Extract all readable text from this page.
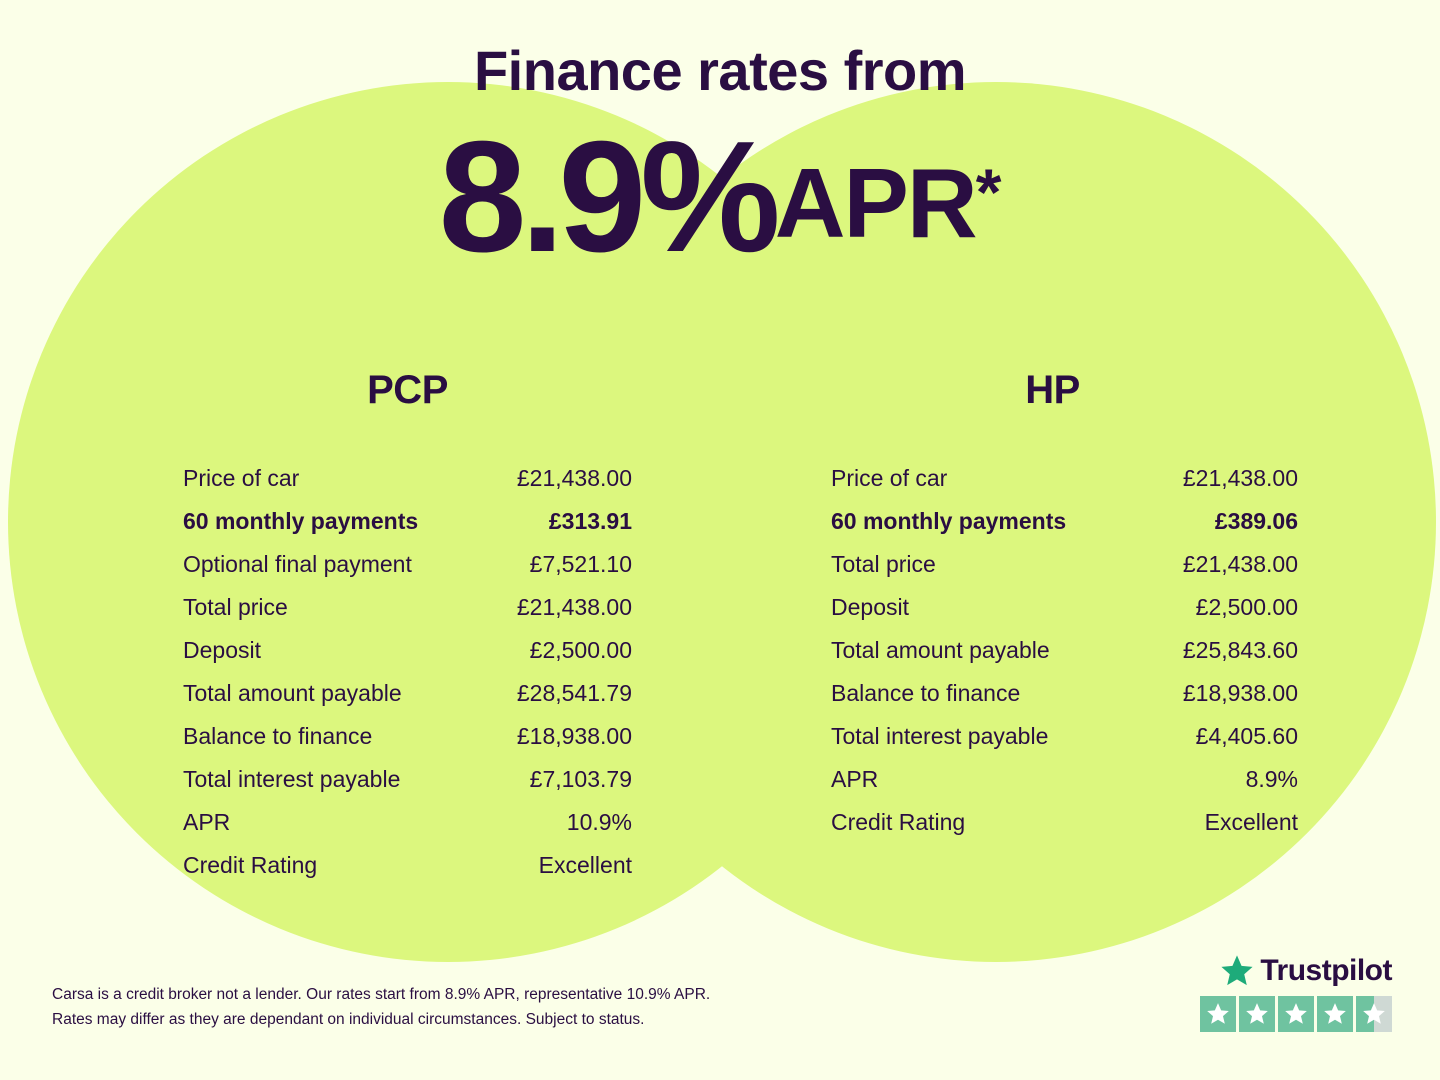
Finance rates from
8.9%APR*
PCP
Price of car	£21,438.00
60 monthly payments	£313.91
Optional final payment	£7,521.10
Total price	£21,438.00
Deposit	£2,500.00
Total amount payable	£28,541.79
Balance to finance	£18,938.00
Total interest payable	£7,103.79
APR	10.9%
Credit Rating	Excellent
HP
Price of car	£21,438.00
60 monthly payments	£389.06
Total price	£21,438.00
Deposit	£2,500.00
Total amount payable	£25,843.60
Balance to finance	£18,938.00
Total interest payable	£4,405.60
APR	8.9%
Credit Rating	Excellent
Carsa is a credit broker not a lender. Our rates start from 8.9% APR, representative 10.9% APR.
Rates may differ as they are dependant on individual circumstances. Subject to status.
Trustpilot
